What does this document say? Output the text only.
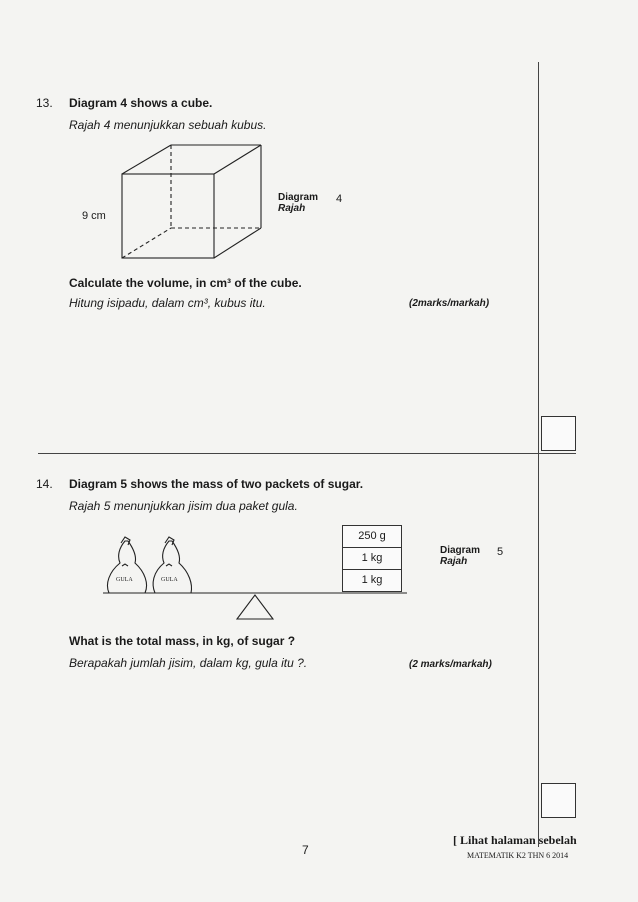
13. Diagram 4 shows a cube.
Rajah 4 menunjukkan sebuah kubus.
9 cm
Diagram
Rajah
4
Calculate the volume, in cm³ of the cube.
Hitung isipadu, dalam cm³, kubus itu.	(2marks/markah)
14. Diagram 5 shows the mass of two packets of sugar.
Rajah 5 menunjukkan jisim dua paket gula.
GULA	GULA
250 g
1 kg
1 kg
Diagram
Rajah
5
What is the total mass, in kg, of sugar ?
Berapakah jumlah jisim, dalam kg, gula itu ?.	(2 marks/markah)
7
[ Lihat halaman sebelah
MATEMATIK K2 THN 6 2014
